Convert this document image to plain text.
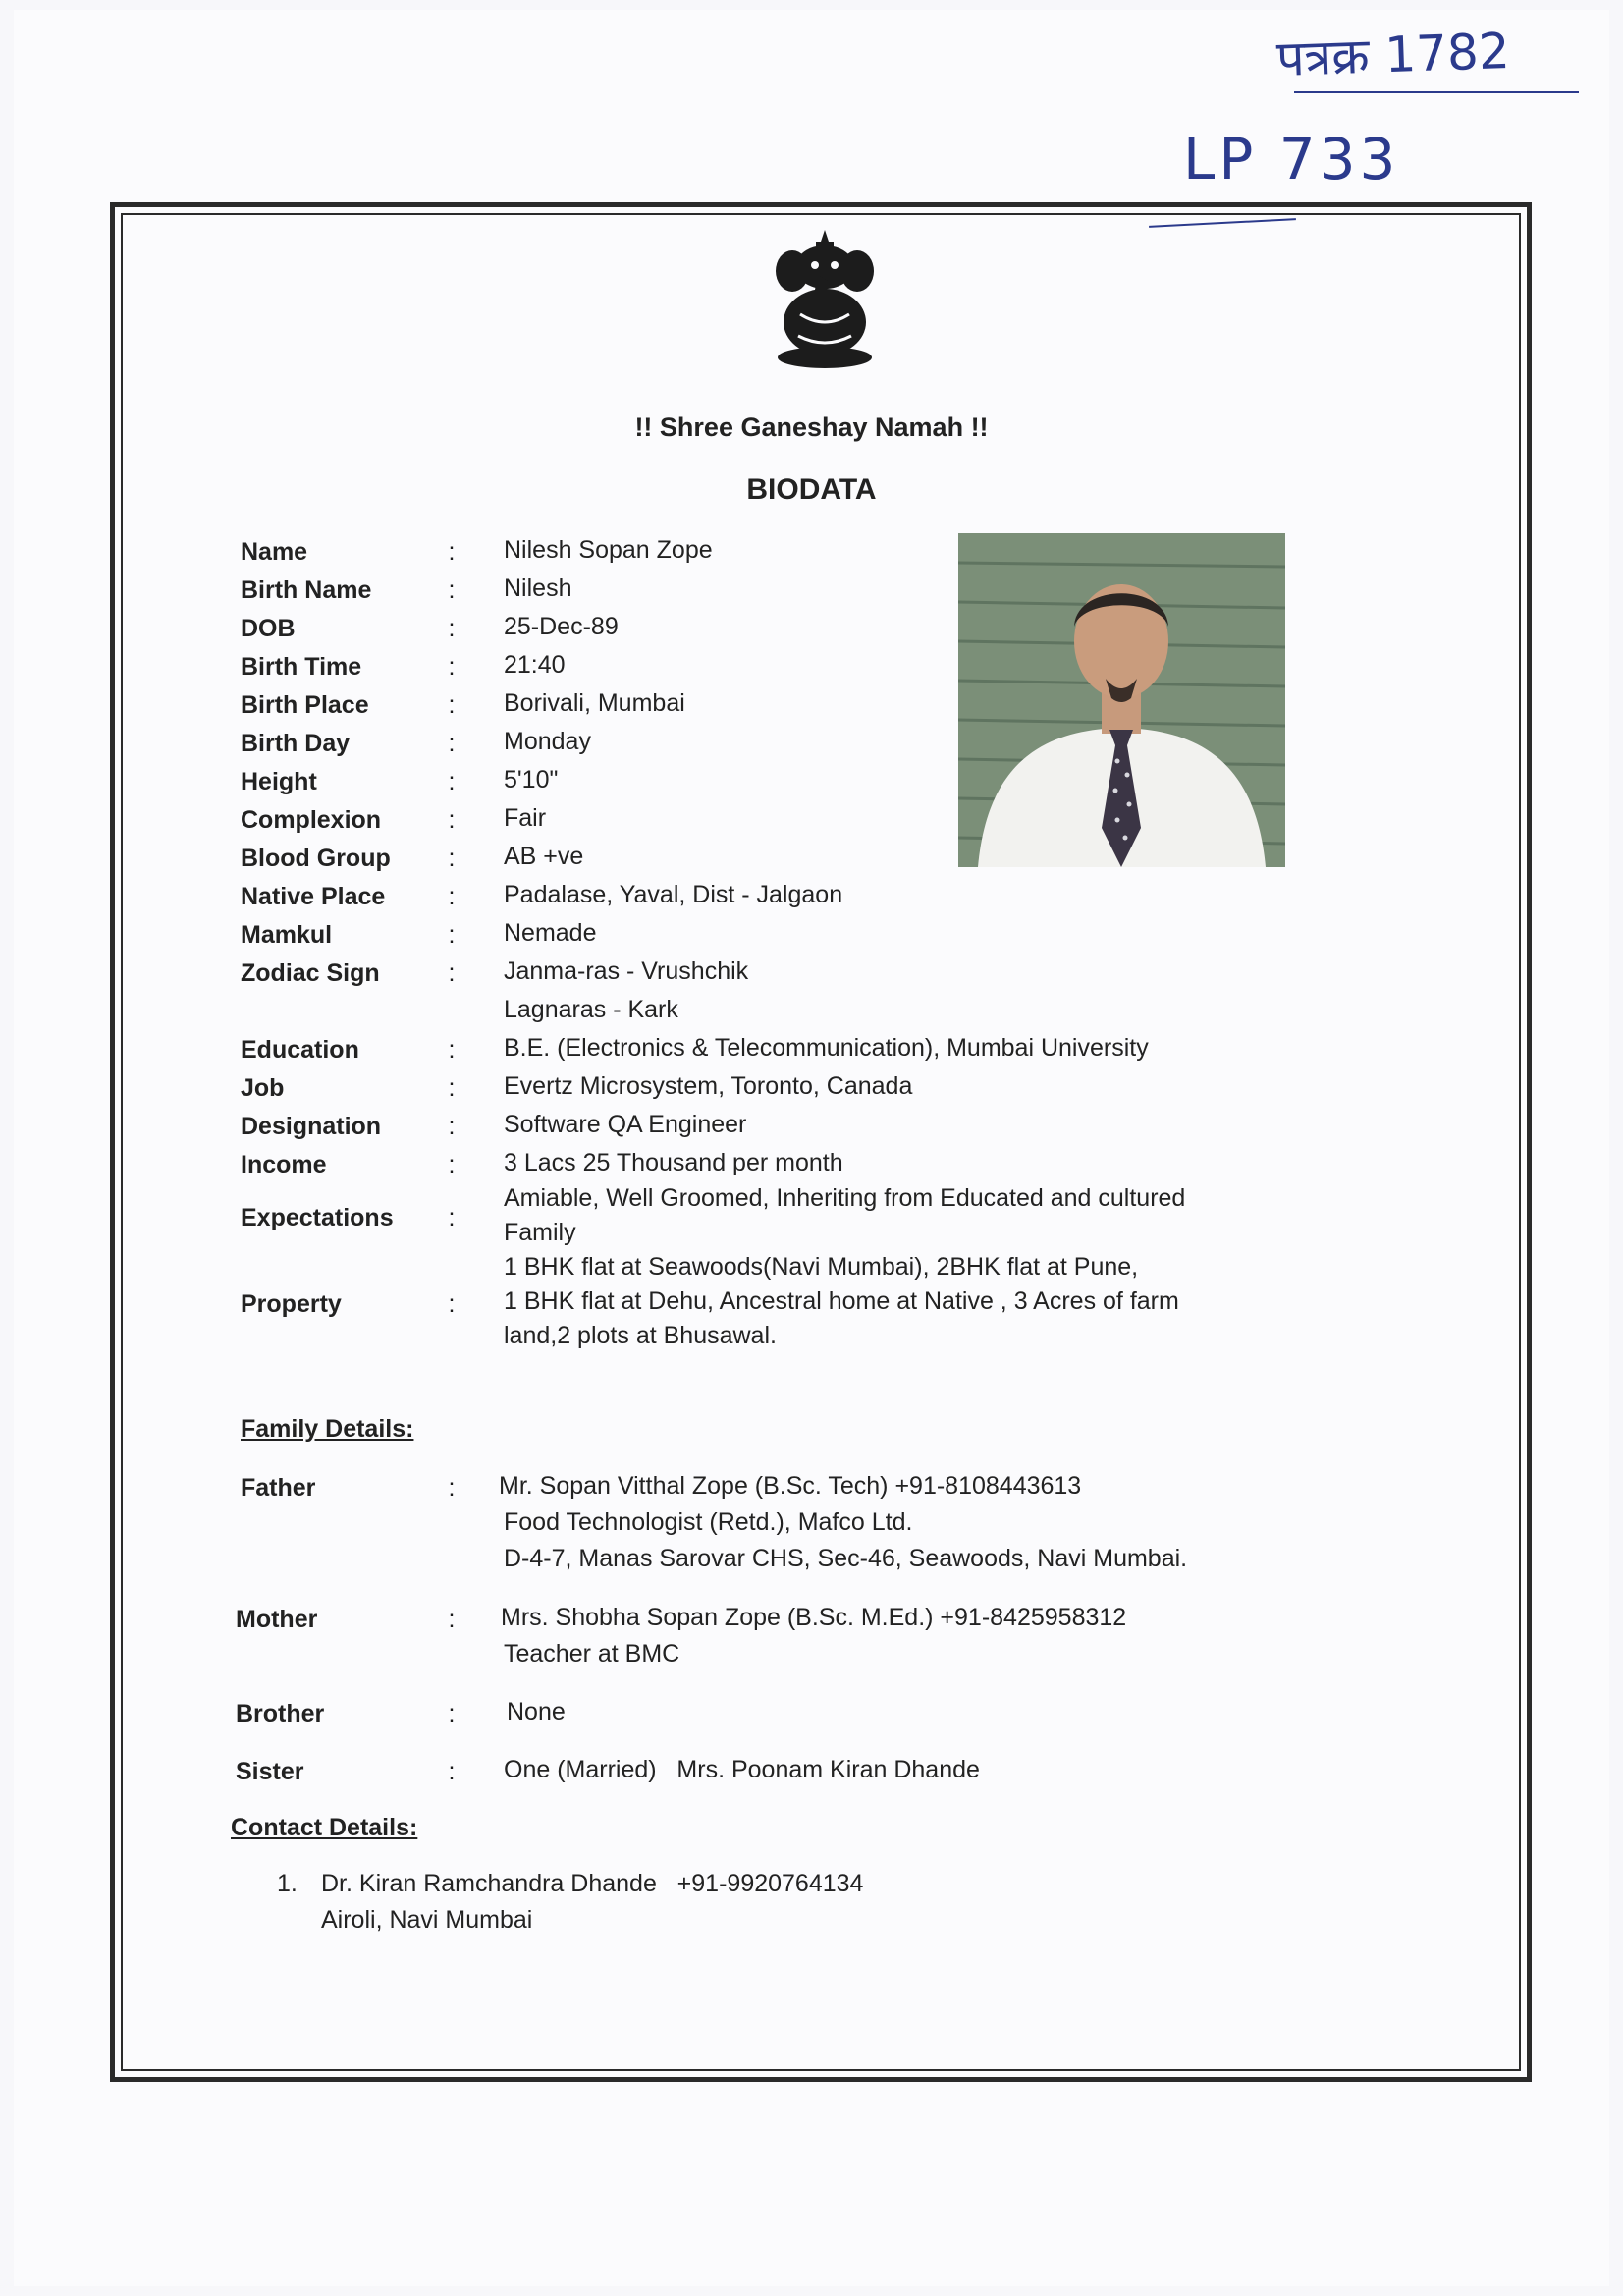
पत्रक्र 1782
LP 733
!! Shree Ganeshay Namah !!
BIODATA
Name	: Nilesh Sopan Zope
Birth Name	: Nilesh
DOB	: 25-Dec-89
Birth Time	: 21:40
Birth Place	: Borivali, Mumbai
Birth Day	: Monday
Height	: 5'10"
Complexion	: Fair
Blood Group : AB +ve
Native Place	: Padalase, Yaval, Dist - Jalgaon
Mamkul	: Nemade
Zodiac Sign	: Janma-ras - Vrushchik
Lagnaras - Kark
Education	: B.E. (Electronics & Telecommunication), Mumbai University
Job	: Evertz Microsystem, Toronto, Canada
Designation	: Software QA Engineer
Income	: 3 Lacs 25 Thousand per month
Expectations :
Amiable, Well Groomed, Inheriting from Educated and cultured
Family
Property	:
1 BHK flat at Seawoods(Navi Mumbai), 2BHK flat at Pune,
1 BHK flat at Dehu, Ancestral home at Native , 3 Acres of farm
land,2 plots at Bhusawal.
Family Details:
Father	: Mr. Sopan Vitthal Zope (B.Sc. Tech) +91-8108443613
Food Technologist (Retd.), Mafco Ltd.
D-4-7, Manas Sarovar CHS, Sec-46, Seawoods, Navi Mumbai.
Mother	: Mrs. Shobha Sopan Zope (B.Sc. M.Ed.) +91-8425958312
Teacher at BMC
Brother	: None
Sister	: One (Married)   Mrs. Poonam Kiran Dhande
Contact Details:
1. Dr. Kiran Ramchandra Dhande   +91-9920764134
Airoli, Navi Mumbai
